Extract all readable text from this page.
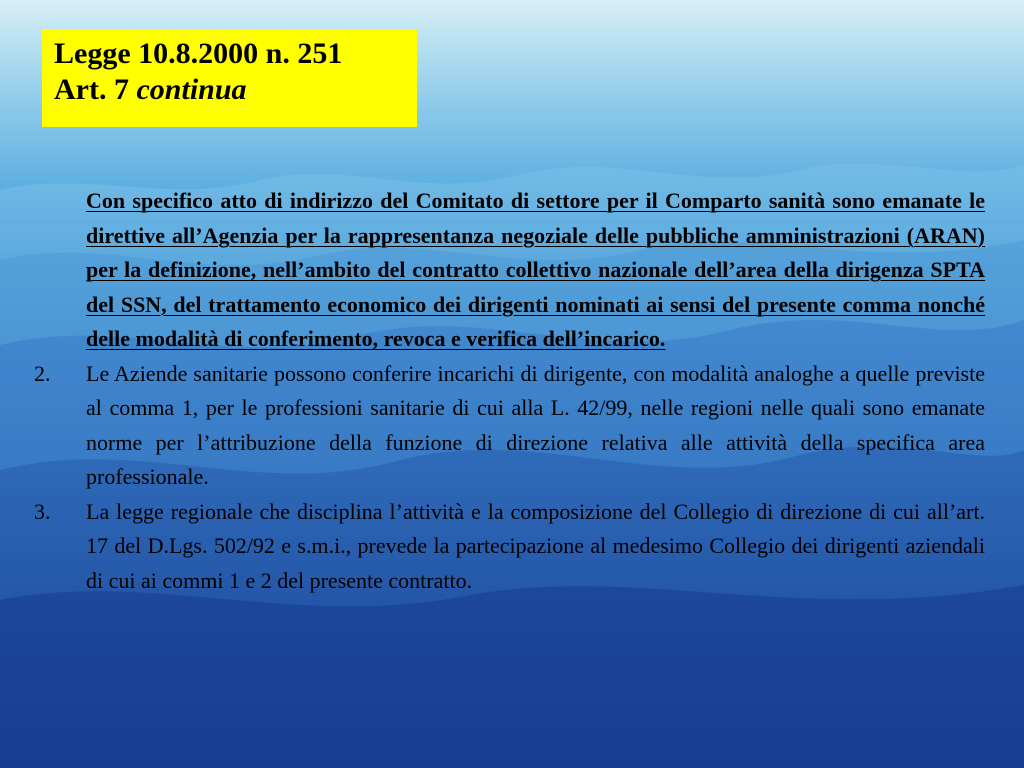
Legge 10.8.2000 n. 251
Art. 7 continua

Con specifico atto di indirizzo del Comitato di settore per il Comparto sanità sono emanate le direttive all’Agenzia per la rappresentanza negoziale delle pubbliche amministrazioni (ARAN) per la definizione, nell’ambito del contratto collettivo nazionale dell’area della dirigenza SPTA del SSN, del trattamento economico dei dirigenti nominati ai sensi del presente comma nonché delle modalità di conferimento, revoca e verifica dell’incarico.

2. Le Aziende sanitarie possono conferire incarichi di dirigente, con modalità analoghe a quelle previste al comma 1, per le professioni sanitarie di cui alla L. 42/99, nelle regioni nelle quali sono emanate norme per l’attribuzione della funzione di direzione relativa alle attività della specifica area professionale.

3. La legge regionale che disciplina l’attività e la composizione del Collegio di direzione di cui all’art. 17 del D.Lgs. 502/92 e s.m.i., prevede la partecipazione al medesimo Collegio dei dirigenti aziendali di cui ai commi 1 e 2 del presente contratto.
